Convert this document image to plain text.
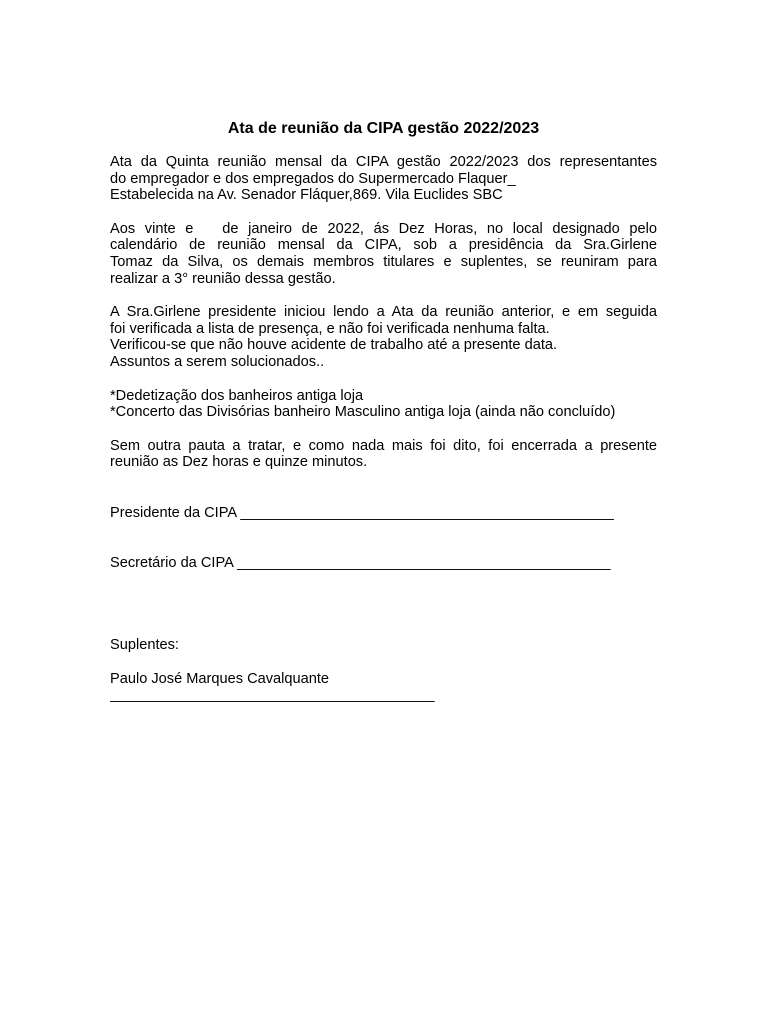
Ata de reunião da CIPA gestão 2022/2023
Ata da Quinta reunião mensal da CIPA gestão 2022/2023 dos representantes
do empregador e dos empregados do Supermercado Flaquer_
Estabelecida na Av. Senador Fláquer,869. Vila Euclides SBC
Aos vinte e   de janeiro de 2022, ás Dez Horas, no local designado pelo
calendário de reunião mensal da CIPA, sob a presidência da Sra.Girlene
Tomaz da Silva, os demais membros titulares e suplentes, se reuniram para
realizar a 3° reunião dessa gestão.
A Sra.Girlene presidente iniciou lendo a Ata da reunião anterior, e em seguida
foi verificada a lista de presença, e não foi verificada nenhuma falta.
Verificou-se que não houve acidente de trabalho até a presente data.
Assuntos a serem solucionados..
*Dedetização dos banheiros antiga loja
*Concerto das Divisórias banheiro Masculino antiga loja (ainda não concluído)
Sem outra pauta a tratar, e como nada mais foi dito, foi encerrada a presente
reunião as Dez horas e quinze minutos.
Presidente da CIPA ______________________________________________
Secretário da CIPA ______________________________________________
Suplentes:
Paulo José Marques Cavalquante
________________________________________
